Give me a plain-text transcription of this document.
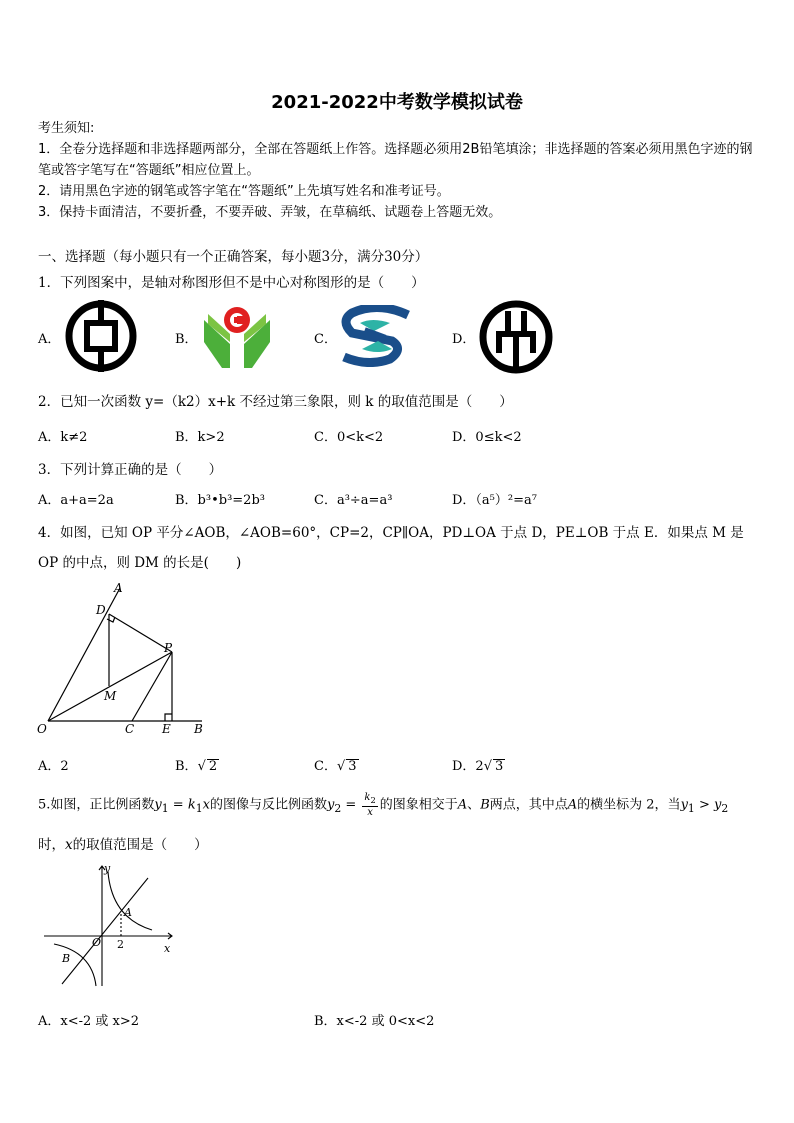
2021-2022中考数学模拟试卷
考生须知:
1．全卷分选择题和非选择题两部分，全部在答题纸上作答。选择题必须用2B铅笔填涂；非选择题的答案必须用黑色字迹的钢笔或答字笔写在“答题纸”相应位置上。
2．请用黑色字迹的钢笔或答字笔在“答题纸”上先填写姓名和准考证号。
3．保持卡面清洁，不要折叠，不要弄破、弄皱，在草稿纸、试题卷上答题无效。
一、选择题（每小题只有一个正确答案，每小题3分，满分30分）
1．下列图案中，是轴对称图形但不是中心对称图形的是（　　）
A．	B．	C．	D．
2．已知一次函数 y=（k2）x+k 不经过第三象限，则 k 的取值范围是（　　）
A．k≠2	B．k>2	C．0<k<2	D．0≤k<2
3．下列计算正确的是（　　）
A．a+a=2a	B．b³•b³=2b³	C．a³÷a=a³	D．（a⁵）²=a⁷
4．如图，已知 OP 平分∠AOB，∠AOB=60°，CP=2，CP∥OA，PD⊥OA 于点 D，PE⊥OB 于点 E．如果点 M 是 OP 的中点，则 DM 的长是(　　)
A
D
P
M
O	C E B
A．2	B．√ 2	C．√ 3	D．2√ 3
5.如图，正比例函数$y_1 = k_1x$的图像与反比例函数$y_2 = \frac{k_2}{x}$ 的图象相交于A、B两点，其中点A的横坐标为 2，当$y_1 > y_2$
时，x的取值范围是（　　）
y
A
O 2	x
B
A．x<-2 或 x>2	B．x<-2 或 0<x<2
